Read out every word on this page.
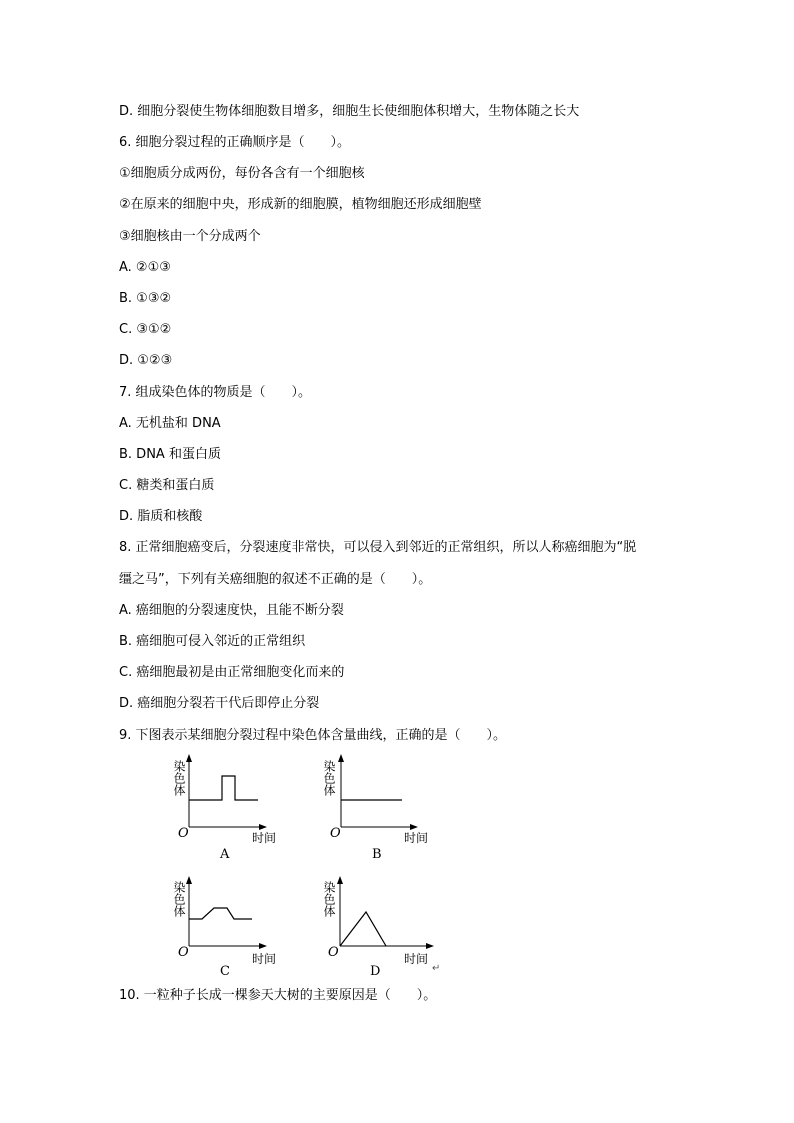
D. 细胞分裂使生物体细胞数目增多，细胞生长使细胞体积增大，生物体随之长大
6. 细胞分裂过程的正确顺序是（　　）。
①细胞质分成两份，每份各含有一个细胞核
②在原来的细胞中央，形成新的细胞膜，植物细胞还形成细胞壁
③细胞核由一个分成两个
A. ②①③
B. ①③②
C. ③①②
D. ①②③
7. 组成染色体的物质是（　　）。
A. 无机盐和 DNA
B. DNA 和蛋白质
C. 糖类和蛋白质
D. 脂质和核酸
8. 正常细胞癌变后，分裂速度非常快，可以侵入到邻近的正常组织，所以人称癌细胞为“脱
缰之马”，下列有关癌细胞的叙述不正确的是（　　）。
A. 癌细胞的分裂速度快，且能不断分裂
B. 癌细胞可侵入邻近的正常组织
C. 癌细胞最初是由正常细胞变化而来的
D. 癌细胞分裂若干代后即停止分裂
9. 下图表示某细胞分裂过程中染色体含量曲线，正确的是（　　）。
10. 一粒种子长成一棵参天大树的主要原因是（　　）。
染色体
O	时间
A
染色体
O	时间
B
染色体
O	时间
C
染色体
O	时间
D	↵
